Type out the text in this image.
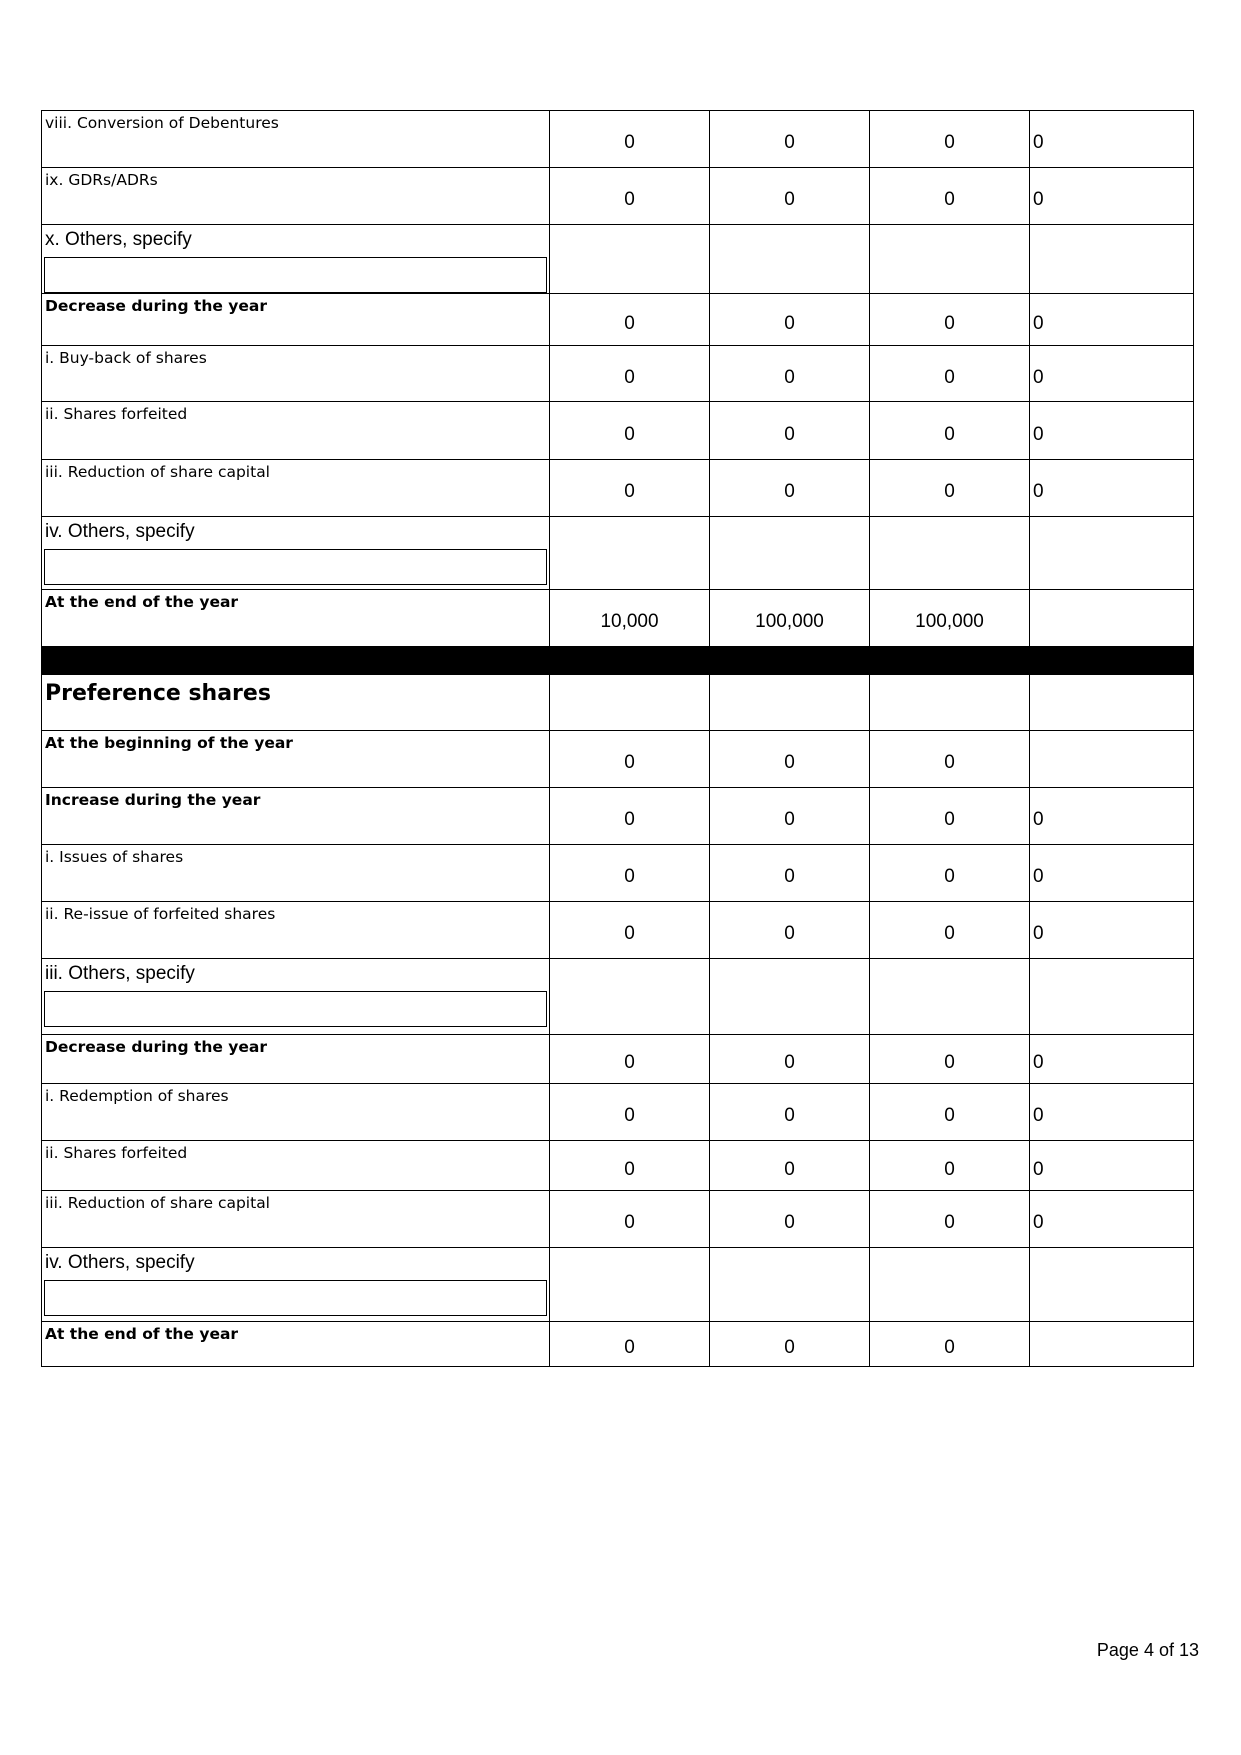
viii. Conversion of Debentures	0	0	0	0

ix. GDRs/ADRs	0	0	0	0

x. Others, specify				

Decrease during the year	0	0	0	0

i. Buy-back of shares	0	0	0	0

ii. Shares forfeited	0	0	0	0

iii. Reduction of share capital	0	0	0	0

iv. Others, specify				

At the end of the year	10,000	100,000	100,000	

Preference shares				

At the beginning of the year	0	0	0	

Increase during the year	0	0	0	0

i. Issues of shares	0	0	0	0

ii. Re-issue of forfeited shares	0	0	0	0

iii. Others, specify				

Decrease during the year	0	0	0	0

i. Redemption of shares	0	0	0	0

ii. Shares forfeited	0	0	0	0

iii. Reduction of share capital	0	0	0	0

iv. Others, specify				

At the end of the year	0	0	0	
Page 4 of 13
